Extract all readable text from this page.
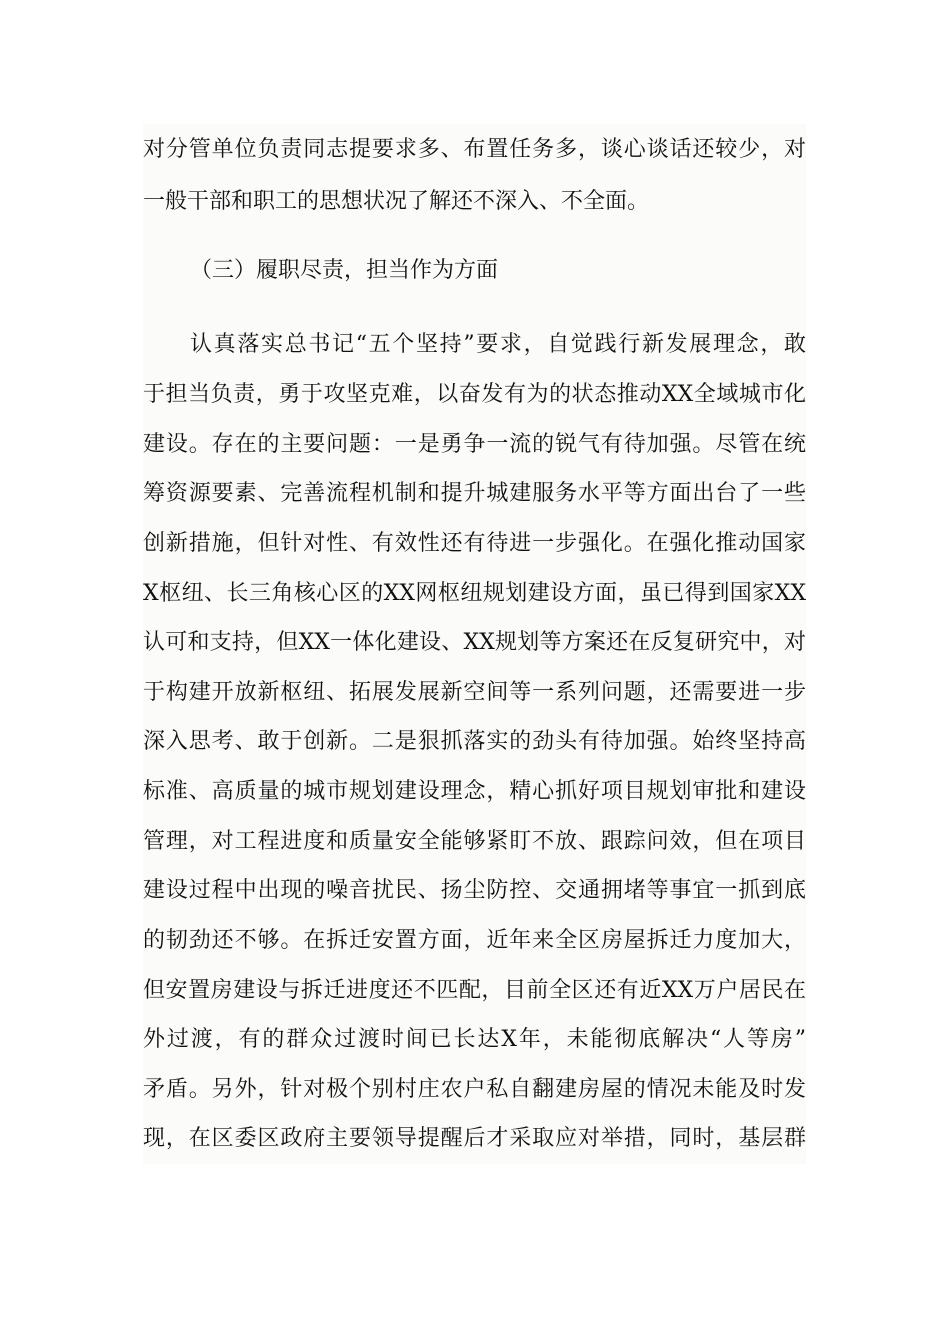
对分管单位负责同志提要求多、布置任务多，谈心谈话还较少，对
一般干部和职工的思想状况了解还不深入、不全面。
（三）履职尽责，担当作为方面
认真落实总书记“五个坚持”要求，自觉践行新发展理念，敢
于担当负责，勇于攻坚克难，以奋发有为的状态推动XX全域城市化
建设。存在的主要问题：一是勇争一流的锐气有待加强。尽管在统
筹资源要素、完善流程机制和提升城建服务水平等方面出台了一些
创新措施，但针对性、有效性还有待进一步强化。在强化推动国家
X枢纽、长三角核心区的XX网枢纽规划建设方面，虽已得到国家XX
认可和支持，但XX一体化建设、XX规划等方案还在反复研究中，对
于构建开放新枢纽、拓展发展新空间等一系列问题，还需要进一步
深入思考、敢于创新。二是狠抓落实的劲头有待加强。始终坚持高
标准、高质量的城市规划建设理念，精心抓好项目规划审批和建设
管理，对工程进度和质量安全能够紧盯不放、跟踪问效，但在项目
建设过程中出现的噪音扰民、扬尘防控、交通拥堵等事宜一抓到底
的韧劲还不够。在拆迁安置方面，近年来全区房屋拆迁力度加大，
但安置房建设与拆迁进度还不匹配，目前全区还有近XX万户居民在
外过渡，有的群众过渡时间已长达X年，未能彻底解决“人等房”
矛盾。另外，针对极个别村庄农户私自翻建房屋的情况未能及时发
现，在区委区政府主要领导提醒后才采取应对举措，同时，基层群
